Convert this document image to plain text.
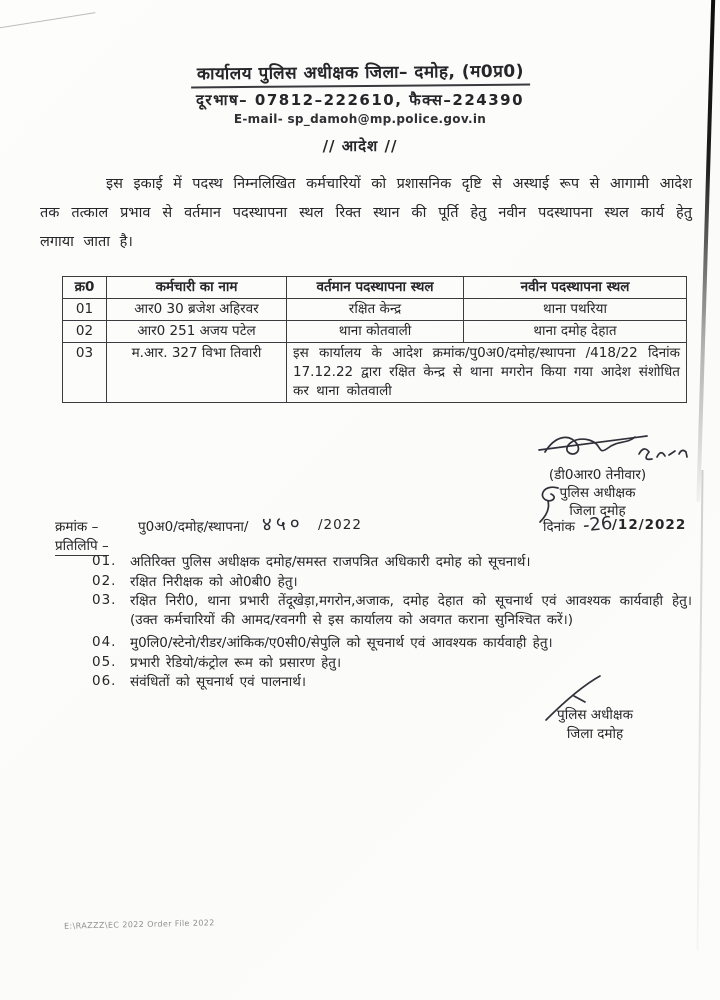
कार्यालय पुलिस अधीक्षक जिला– दमोह, (म0प्र0)
दूरभाष– 07812–222610, फैक्स–224390
E-mail- sp_damoh@mp.police.gov.in
// आदेश //
इस इकाई में पदस्थ निम्नलिखित कर्मचारियों को प्रशासनिक दृष्टि से अस्थाई रूप से आगामी आदेश तक तत्काल प्रभाव से वर्तमान पदस्थापना स्थल रिक्त स्थान की पूर्ति हेतु नवीन पदस्थापना स्थल कार्य हेतु लगाया जाता है।
क्र0	कर्मचारी का नाम	वर्तमान पदस्थापना स्थल	नवीन पदस्थापना स्थल
01	आर0 30 ब्रजेश अहिरवर	रक्षित केन्द्र	थाना पथरिया
02	आर0 251 अजय पटेल	थाना कोतवाली	थाना दमोह देहात
03	म.आर. 327 विभा तिवारी	इस कार्यालय के आदेश क्रमांक/पु0अ0/दमोह/स्थापना /418/22 दिनांक 17.12.22 द्वारा रक्षित केन्द्र से थाना मगरोन किया गया आदेश संशोधित कर थाना कोतवाली	
(डी0आर0 तेनीवार)
पुलिस अधीक्षक
जिला दमोह
क्रमांक –	पु0अ0/दमोह/स्थापना/ ४५० /2022	दिनांक -26
/12/2022
प्रतिलिपि –
01. अतिरिक्त पुलिस अधीक्षक दमोह/समस्त राजपत्रित अधिकारी दमोह को सूचनार्थ।
02. रक्षित निरीक्षक को ओ0बी0 हेतु।
03. रक्षित निरी0, थाना प्रभारी तेंदूखेड़ा,मगरोन,अजाक, दमोह देहात को सूचनार्थ एवं आवश्यक कार्यवाही हेतु। (उक्त कर्मचारियों की आमद/रवनगी से इस कार्यालय को अवगत कराना सुनिश्चित करें।)
04. मु0लि0/स्टेनो/रीडर/आंकिक/ए0सी0/सेपुलि को सूचनार्थ एवं आवश्यक कार्यवाही हेतु।
05. प्रभारी रेडियो/कंट्रोल रूम को प्रसारण हेतु।
06. संवंधितों को सूचनार्थ एवं पालनार्थ।
पुलिस अधीक्षक
जिला दमोह
E:\RAZZZ\EC 2022 Order File 2022
